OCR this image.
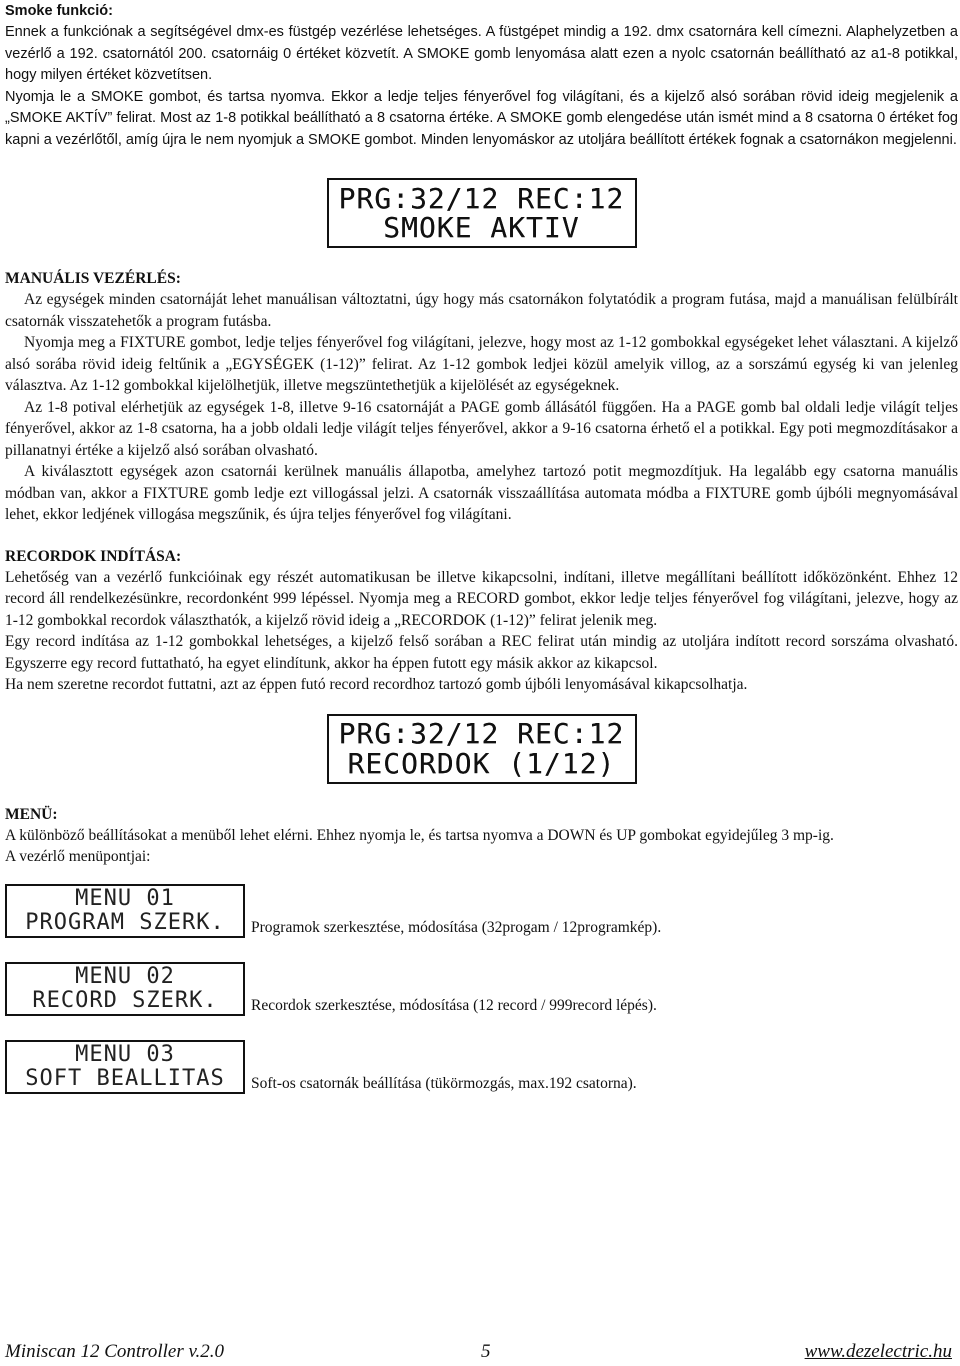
Smoke funkció:

Ennek a funkciónak a segítségével dmx-es füstgép vezérlése lehetséges. A füstgépet mindig a 192. dmx csatornára kell címezni. Alaphelyzetben a vezérlő a 192. csatornától 200. csatornáig 0 értéket közvetít. A SMOKE gomb lenyomása alatt ezen a nyolc csatornán beállítható az a1-8 potikkal, hogy milyen értéket közvetítsen.

Nyomja le a SMOKE gombot, és tartsa nyomva. Ekkor a ledje teljes fényerővel fog világítani, és a kijelző alsó sorában rövid ideig megjelenik a „SMOKE AKTÍV” felirat. Most az 1-8 potikkal beállítható a 8 csatorna értéke. A SMOKE gomb elengedése után ismét mind a 8 csatorna 0 értéket fog kapni a vezérlőtől, amíg újra le nem nyomjuk a SMOKE gombot. Minden lenyomáskor az utoljára beállított értékek fognak a csatornákon megjelenni.

PRG:32/12 REC:12
SMOKE AKTIV

MANUÁLIS VEZÉRLÉS:

Az egységek minden csatornáját lehet manuálisan változtatni, úgy hogy más csatornákon folytatódik a program futása, majd a manuálisan felülbírált csatornák visszatehetők a program futásba.

Nyomja meg a FIXTURE gombot, ledje teljes fényerővel fog világítani, jelezve, hogy most az 1-12 gombokkal egységeket lehet választani. A kijelző alsó sorába rövid ideig feltűnik a „EGYSÉGEK (1-12)” felirat. Az 1-12 gombok ledjei közül amelyik villog, az a sorszámú egység ki van jelenleg választva. Az 1-12 gombokkal kijelölhetjük, illetve megszüntethetjük a kijelölését az egységeknek.

Az 1-8 potival elérhetjük az egységek 1-8, illetve 9-16 csatornáját a PAGE gomb állásától függően. Ha a PAGE gomb bal oldali ledje világít teljes fényerővel, akkor az 1-8 csatorna, ha a jobb oldali ledje világít teljes fényerővel, akkor a 9-16 csatorna érhető el a potikkal. Egy poti megmozdításakor a pillanatnyi értéke a kijelző alsó sorában olvasható.

A kiválasztott egységek azon csatornái kerülnek manuális állapotba, amelyhez tartozó potit megmozdítjuk. Ha legalább egy csatorna manuális módban van, akkor a FIXTURE gomb ledje ezt villogással jelzi. A csatornák visszaállítása automata módba a FIXTURE gomb újbóli megnyomásával lehet, ekkor ledjének villogása megszűnik, és újra teljes fényerővel fog világítani.

RECORDOK INDÍTÁSA:

Lehetőség van a vezérlő funkcióinak egy részét automatikusan be illetve kikapcsolni, indítani, illetve megállítani beállított időközönként. Ehhez 12 record áll rendelkezésünkre, recordonként 999 lépéssel. Nyomja meg a RECORD gombot, ekkor ledje teljes fényerővel fog világítani, jelezve, hogy az 1-12 gombokkal recordok választhatók, a kijelző rövid ideig a „RECORDOK (1-12)” felirat jelenik meg.

Egy record indítása az 1-12 gombokkal lehetséges, a kijelző felső sorában a REC felirat után mindig az utoljára indított record sorszáma olvasható. Egyszerre egy record futtatható, ha egyet elindítunk, akkor ha éppen futott egy másik akkor az kikapcsol.

Ha nem szeretne recordot futtatni, azt az éppen futó record recordhoz tartozó gomb újbóli lenyomásával kikapcsolhatja.

PRG:32/12 REC:12
RECORDOK (1/12)

MENÜ:

A különböző beállításokat a menüből lehet elérni. Ehhez nyomja le, és tartsa nyomva a DOWN és UP gombokat egyidejűleg 3 mp-ig.

A vezérlő menüpontjai:

MENU 01
PROGRAM SZERK. Programok szerkesztése, módosítása (32progam / 12programkép).

MENU 02
RECORD SZERK. Recordok szerkesztése, módosítása (12 record / 999record lépés).

MENU 03
SOFT BEALLITAS Soft-os csatornák beállítása (tükörmozgás, max.192 csatorna).

Miniscan 12 Controller v.2.0	5	www.dezelectric.hu
